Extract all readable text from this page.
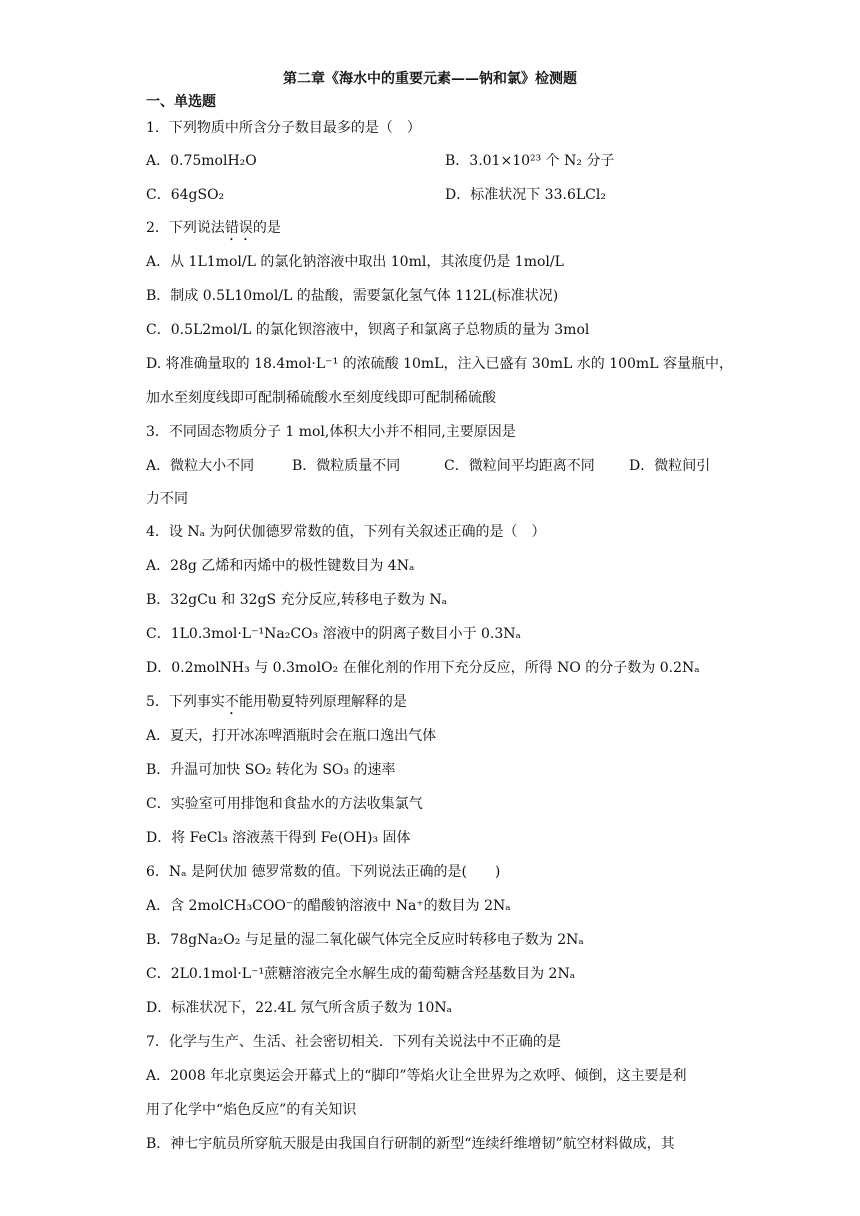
第二章《海水中的重要元素——钠和氯》检测题
一、单选题
1．下列物质中所含分子数目最多的是（　）
A．0.75molH₂O	B．3.01×10²³ 个 N₂ 分子
C．64gSO₂	D．标准状况下 33.6LCl₂
2．下列说法错误的是
A．从 1L1mol/L 的氯化钠溶液中取出 10ml，其浓度仍是 1mol/L
B．制成 0.5L10mol/L 的盐酸，需要氯化氢气体 112L(标准状况)
C．0.5L2mol/L 的氯化钡溶液中，钡离子和氯离子总物质的量为 3mol
D. 将准确量取的 18.4mol·L⁻¹ 的浓硫酸 10mL，注入已盛有 30mL 水的 100mL 容量瓶中，
加水至刻度线即可配制稀硫酸水至刻度线即可配制稀硫酸
3．不同固态物质分子 1 mol,体积大小并不相同,主要原因是
A．微粒大小不同	B．微粒质量不同	C．微粒间平均距离不同 D．微粒间引
力不同
4．设 Nₐ 为阿伏伽德罗常数的值，下列有关叙述正确的是（　）
A．28g 乙烯和丙烯中的极性键数目为 4Nₐ
B．32gCu 和 32gS 充分反应,转移电子数为 Nₐ
C．1L0.3mol·L⁻¹Na₂CO₃ 溶液中的阴离子数目小于 0.3Nₐ
D．0.2molNH₃ 与 0.3molO₂ 在催化剂的作用下充分反应，所得 NO 的分子数为 0.2Nₐ
5．下列事实不能用勒夏特列原理解释的是
A．夏天，打开冰冻啤酒瓶时会在瓶口逸出气体
B．升温可加快 SO₂ 转化为 SO₃ 的速率
C．实验室可用排饱和食盐水的方法收集氯气
D．将 FeCl₃ 溶液蒸干得到 Fe(OH)₃ 固体
6．Nₐ 是阿伏加 德罗常数的值。下列说法正确的是(　　)
A．含 2molCH₃COO⁻的醋酸钠溶液中 Na⁺的数目为 2Nₐ
B．78gNa₂O₂ 与足量的湿二氧化碳气体完全反应时转移电子数为 2Nₐ
C．2L0.1mol·L⁻¹蔗糖溶液完全水解生成的葡萄糖含羟基数目为 2Nₐ
D．标准状况下，22.4L 氖气所含质子数为 10Nₐ
7．化学与生产、生活、社会密切相关．下列有关说法中不正确的是
A．2008 年北京奥运会开幕式上的“脚印”等焰火让全世界为之欢呼、倾倒，这主要是利
用了化学中“焰色反应”的有关知识
B．神七宇航员所穿航天服是由我国自行研制的新型“连续纤维增韧”航空材料做成，其
